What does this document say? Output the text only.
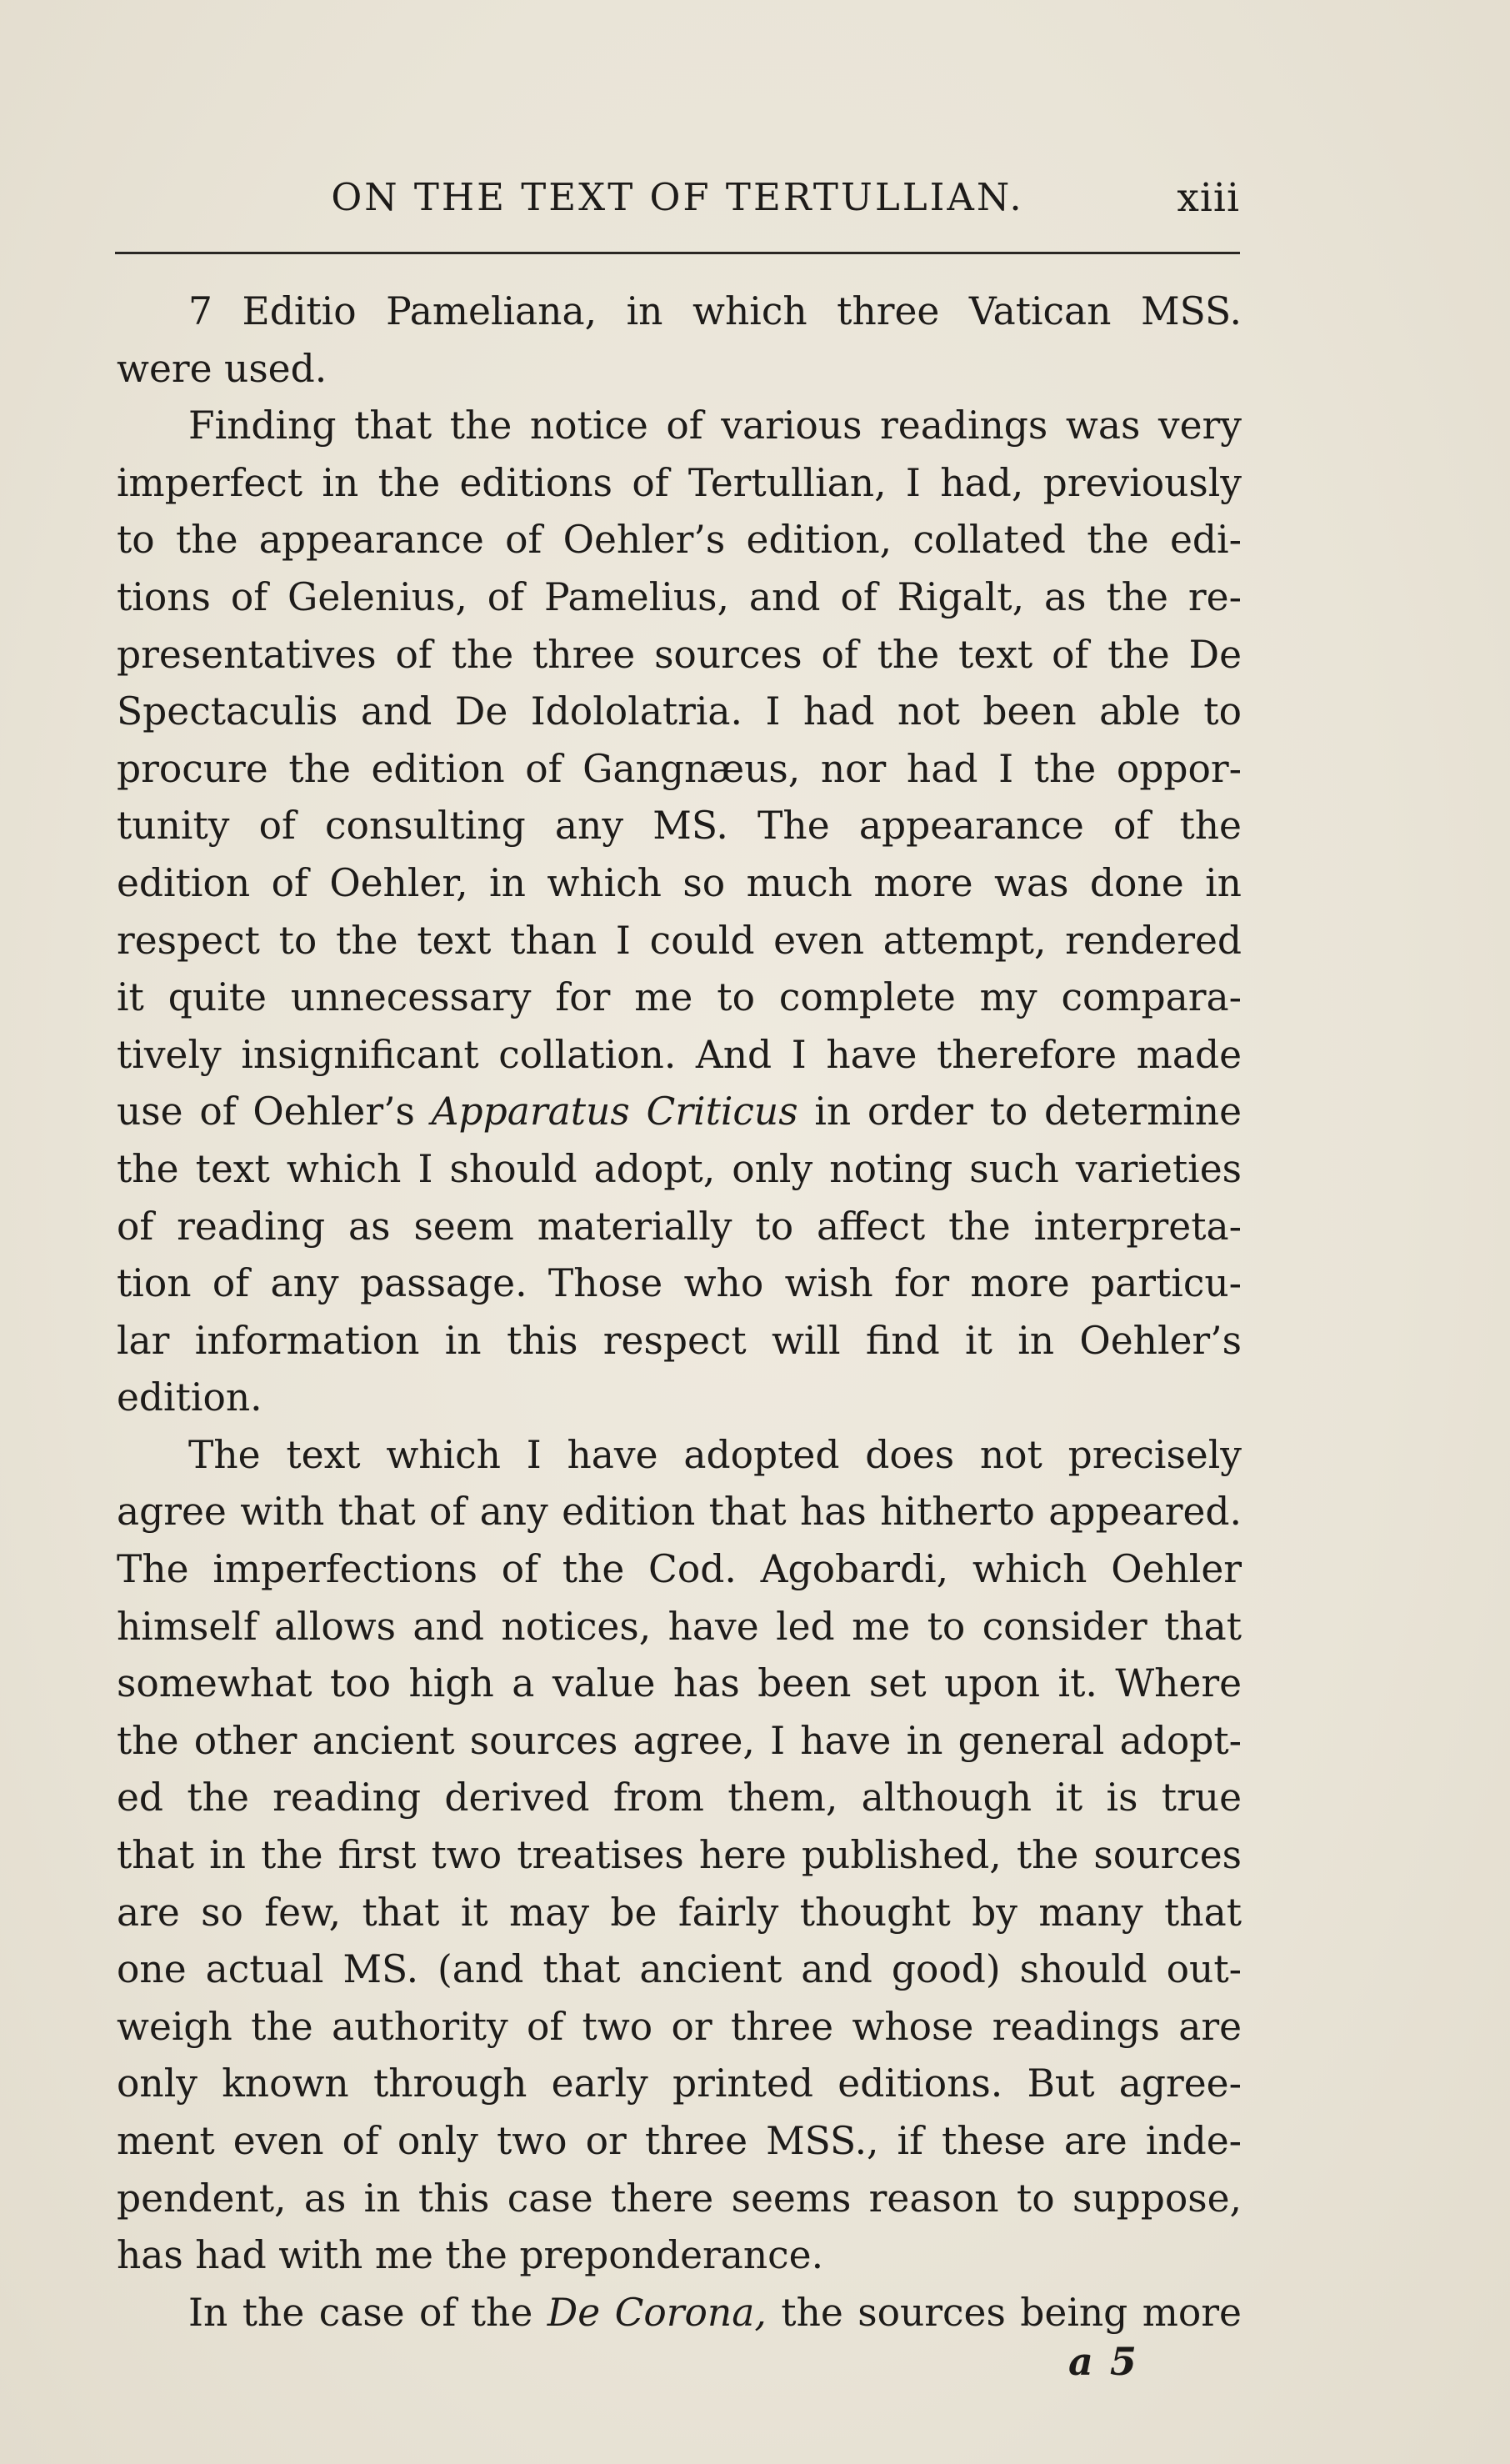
ON THE TEXT OF TERTULLIAN.	xiii
7 Editio Pameliana, in which three Vatican MSS.
were used.
Finding that the notice of various readings was very
imperfect in the editions of Tertullian, I had, previously
to the appearance of Oehler’s edition, collated the edi-
tions of Gelenius, of Pamelius, and of Rigalt, as the re-
presentatives of the three sources of the text of the De
Spectaculis and De Idololatria. I had not been able to
procure the edition of Gangnæus, nor had I the oppor-
tunity of consulting any MS. The appearance of the
edition of Oehler, in which so much more was done in
respect to the text than I could even attempt, rendered
it quite unnecessary for me to complete my compara-
tively insignificant collation. And I have therefore made
use of Oehler’s Apparatus Criticus in order to determine
the text which I should adopt, only noting such varieties
of reading as seem materially to affect the interpreta-
tion of any passage. Those who wish for more particu-
lar information in this respect will find it in Oehler’s
edition.
The text which I have adopted does not precisely
agree with that of any edition that has hitherto appeared.
The imperfections of the Cod. Agobardi, which Oehler
himself allows and notices, have led me to consider that
somewhat too high a value has been set upon it. Where
the other ancient sources agree, I have in general adopt-
ed the reading derived from them, although it is true
that in the first two treatises here published, the sources
are so few, that it may be fairly thought by many that
one actual MS. (and that ancient and good) should out-
weigh the authority of two or three whose readings are
only known through early printed editions. But agree-
ment even of only two or three MSS., if these are inde-
pendent, as in this case there seems reason to suppose,
has had with me the preponderance.
In the case of the De Corona, the sources being more
a 5
